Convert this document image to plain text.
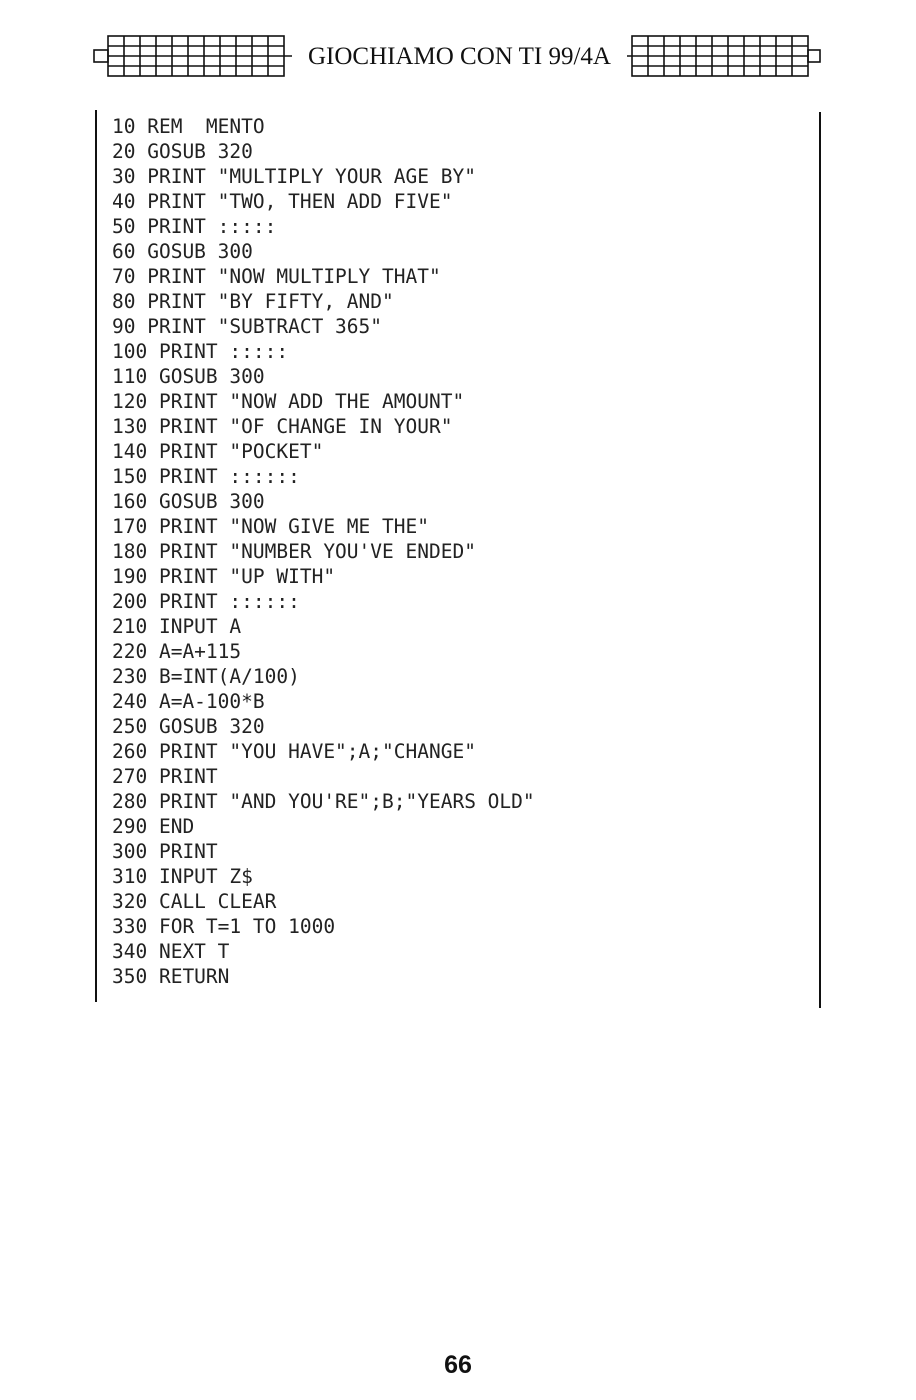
GIOCHIAMO CON TI 99/4A
10 REM  MENTO
20 GOSUB 320
30 PRINT "MULTIPLY YOUR AGE BY"
40 PRINT "TWO, THEN ADD FIVE"
50 PRINT :::::
60 GOSUB 300
70 PRINT "NOW MULTIPLY THAT"
80 PRINT "BY FIFTY, AND"
90 PRINT "SUBTRACT 365"
100 PRINT :::::
110 GOSUB 300
120 PRINT "NOW ADD THE AMOUNT"
130 PRINT "OF CHANGE IN YOUR"
140 PRINT "POCKET"
150 PRINT ::::::
160 GOSUB 300
170 PRINT "NOW GIVE ME THE"
180 PRINT "NUMBER YOU'VE ENDED"
190 PRINT "UP WITH"
200 PRINT ::::::
210 INPUT A
220 A=A+115
230 B=INT(A/100)
240 A=A-100*B
250 GOSUB 320
260 PRINT "YOU HAVE";A;"CHANGE"
270 PRINT
280 PRINT "AND YOU'RE";B;"YEARS OLD"
290 END
300 PRINT
310 INPUT Z$
320 CALL CLEAR
330 FOR T=1 TO 1000
340 NEXT T
350 RETURN
66
